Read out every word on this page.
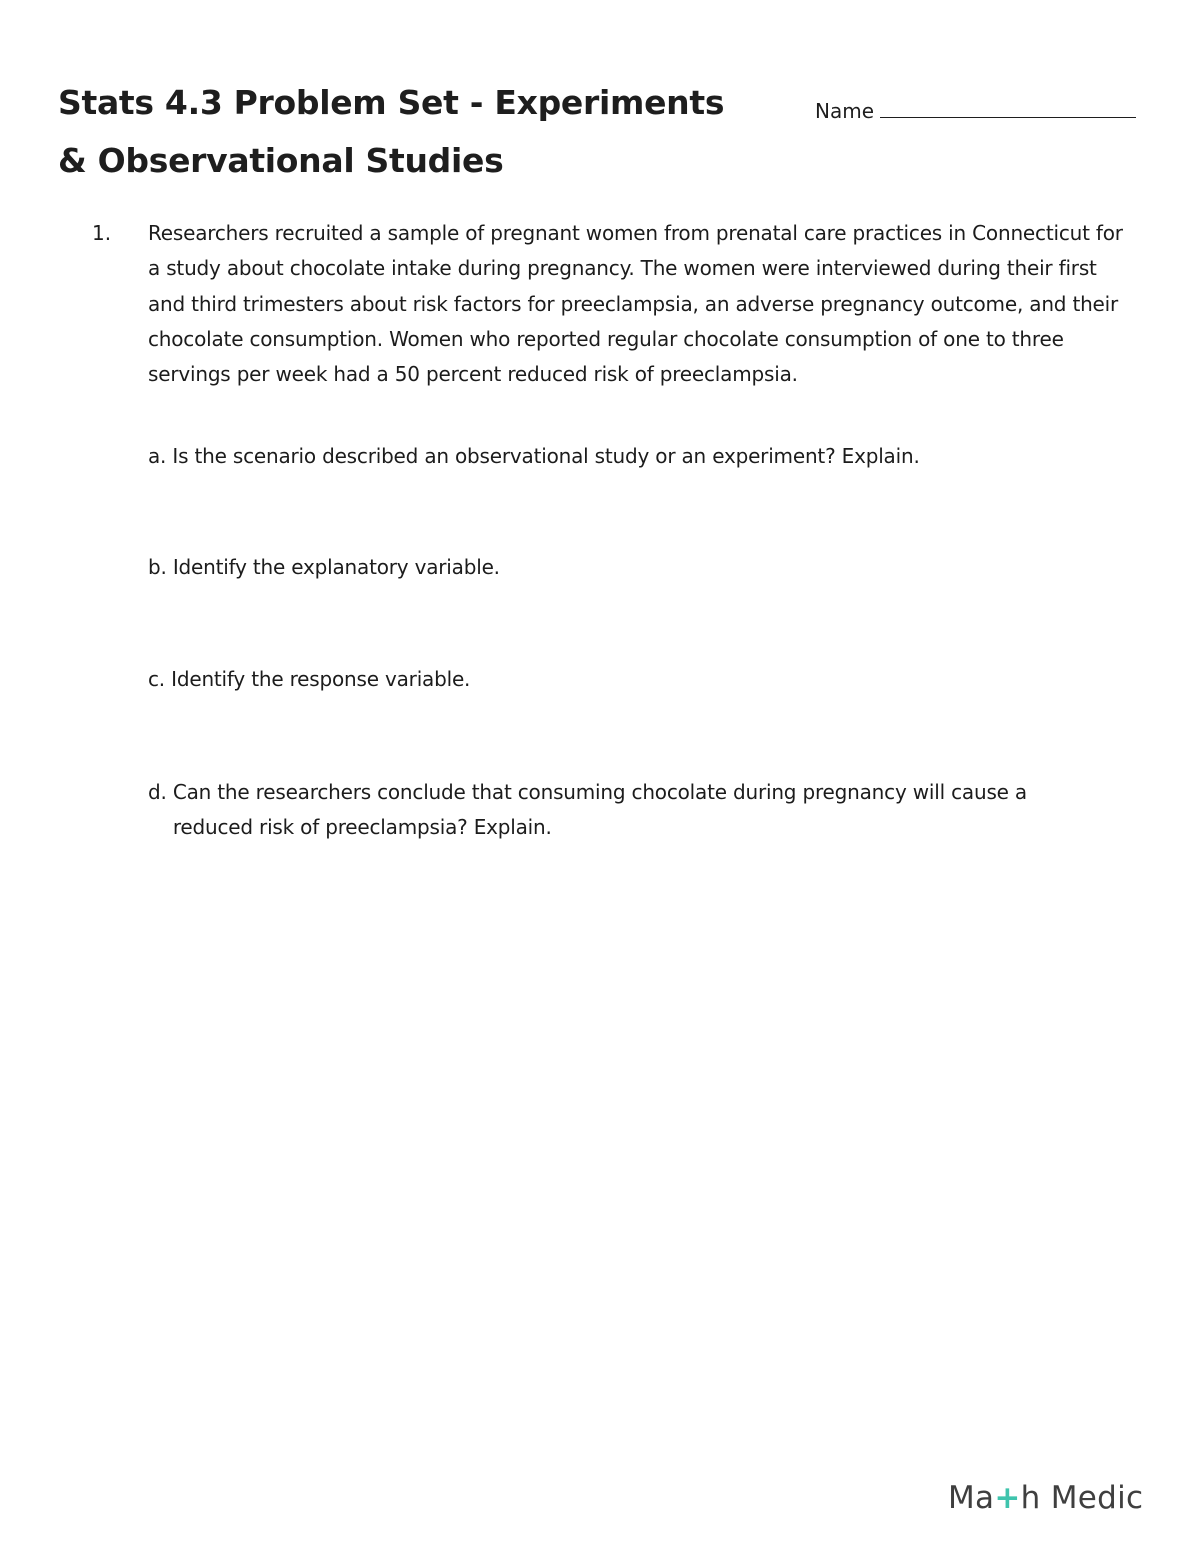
Stats 4.3 Problem Set - Experiments & Observational Studies
Name
1. Researchers recruited a sample of pregnant women from prenatal care practices in Connecticut for a study about chocolate intake during pregnancy. The women were interviewed during their first and third trimesters about risk factors for preeclampsia, an adverse pregnancy outcome, and their chocolate consumption. Women who reported regular chocolate consumption of one to three servings per week had a 50 percent reduced risk of preeclampsia.
a.
Is the scenario described an observational study or an experiment? Explain.
b.
Identify the explanatory variable.
c.
Identify the response variable.
d.
Can the researchers conclude that consuming chocolate during pregnancy will cause a reduced risk of preeclampsia? Explain.
Ma+h Medic
